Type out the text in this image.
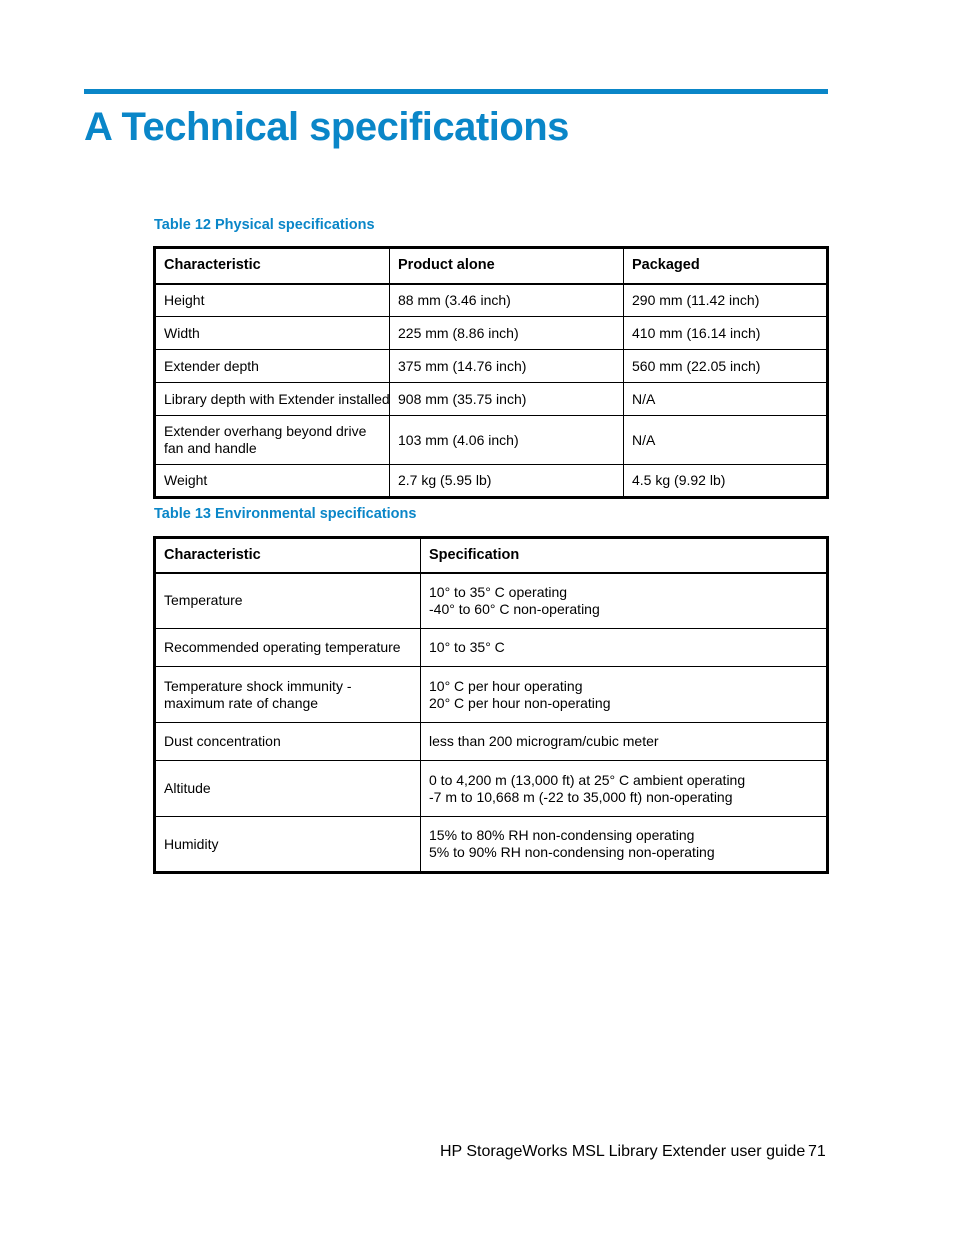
A Technical specifications
Table 12 Physical specifications
Characteristic	Product alone	Packaged
Height	88 mm (3.46 inch)	290 mm (11.42 inch)
Width	225 mm (8.86 inch)	410 mm (16.14 inch)
Extender depth	375 mm (14.76 inch)	560 mm (22.05 inch)
Library depth with Extender installed	908 mm (35.75 inch)	N/A
Extender overhang beyond drive fan and handle	103 mm (4.06 inch)	N/A
Weight	2.7 kg (5.95 lb)	4.5 kg (9.92 lb)
Table 13 Environmental specifications
Characteristic	Specification
Temperature	10° to 35° C operating
-40° to 60° C non-operating

Recommended operating temperature	10° to 35° C

Temperature shock immunity - maximum rate of change	10° C per hour operating
20° C per hour non-operating

Dust concentration	less than 200 microgram/cubic meter

Altitude	0 to 4,200 m (13,000 ft) at 25° C ambient operating
-7 m to 10,668 m (-22 to 35,000 ft) non-operating

Humidity	15% to 80% RH non-condensing operating
5% to 90% RH non-condensing non-operating
HP StorageWorks MSL Library Extender user guide 71
